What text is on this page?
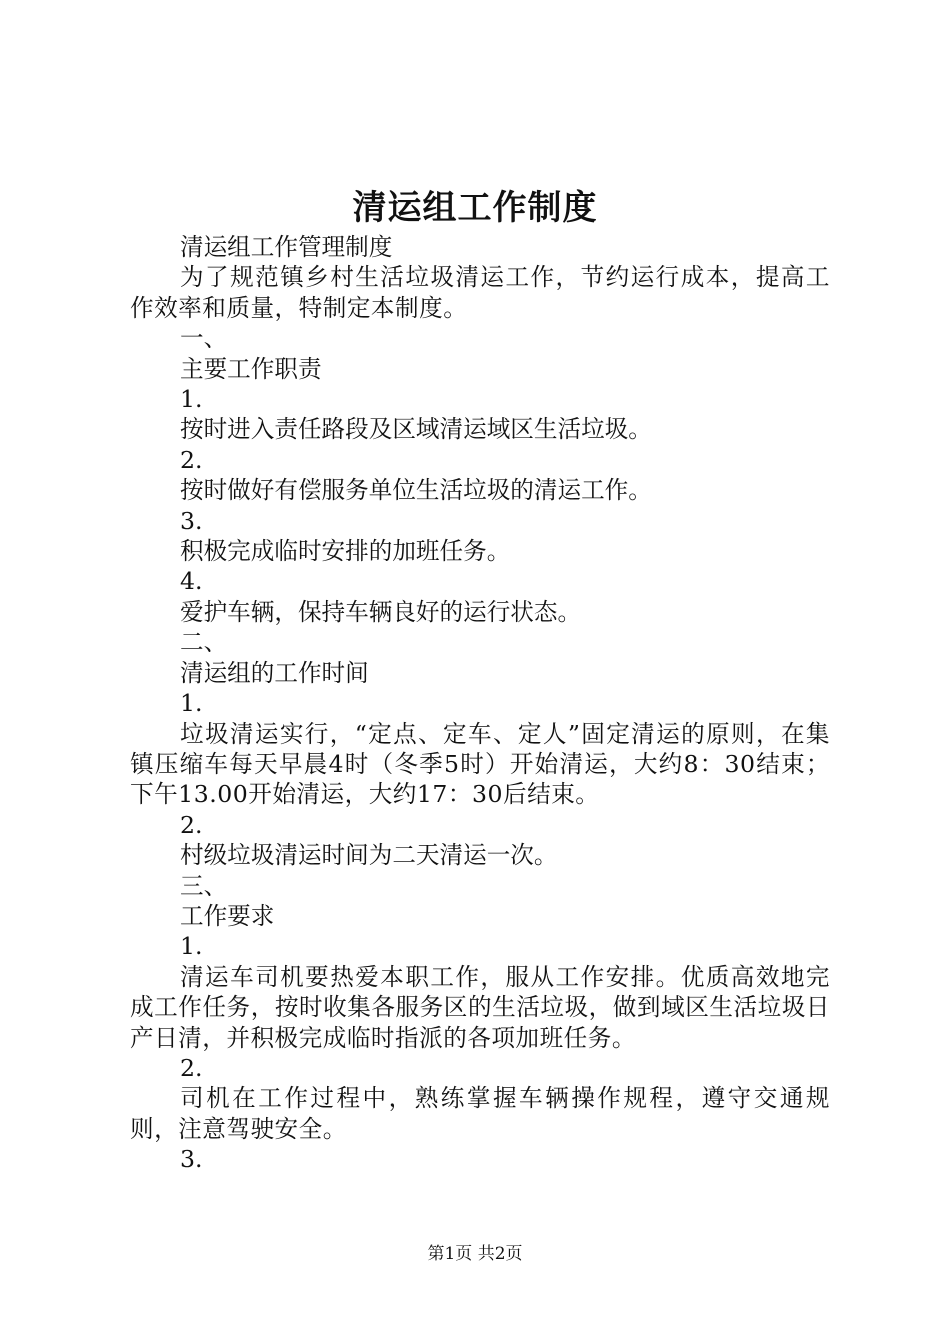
清运组工作制度

清运组工作管理制度

为了规范镇乡村生活垃圾清运工作，节约运行成本，提高工作效率和质量，特制定本制度。

一、

主要工作职责

1.

按时进入责任路段及区域清运域区生活垃圾。

2.

按时做好有偿服务单位生活垃圾的清运工作。

3.

积极完成临时安排的加班任务。

4.

爱护车辆，保持车辆良好的运行状态。

二、

清运组的工作时间

1.

垃圾清运实行，“定点、定车、定人”固定清运的原则，在集镇压缩车每天早晨4时（冬季5时）开始清运，大约8：30结束；下午13.00开始清运，大约17：30后结束。

2.

村级垃圾清运时间为二天清运一次。

三、

工作要求

1.

清运车司机要热爱本职工作，服从工作安排。优质高效地完成工作任务，按时收集各服务区的生活垃圾，做到域区生活垃圾日产日清，并积极完成临时指派的各项加班任务。

2.

司机在工作过程中，熟练掌握车辆操作规程，遵守交通规则，注意驾驶安全。

3.

第1页 共2页
